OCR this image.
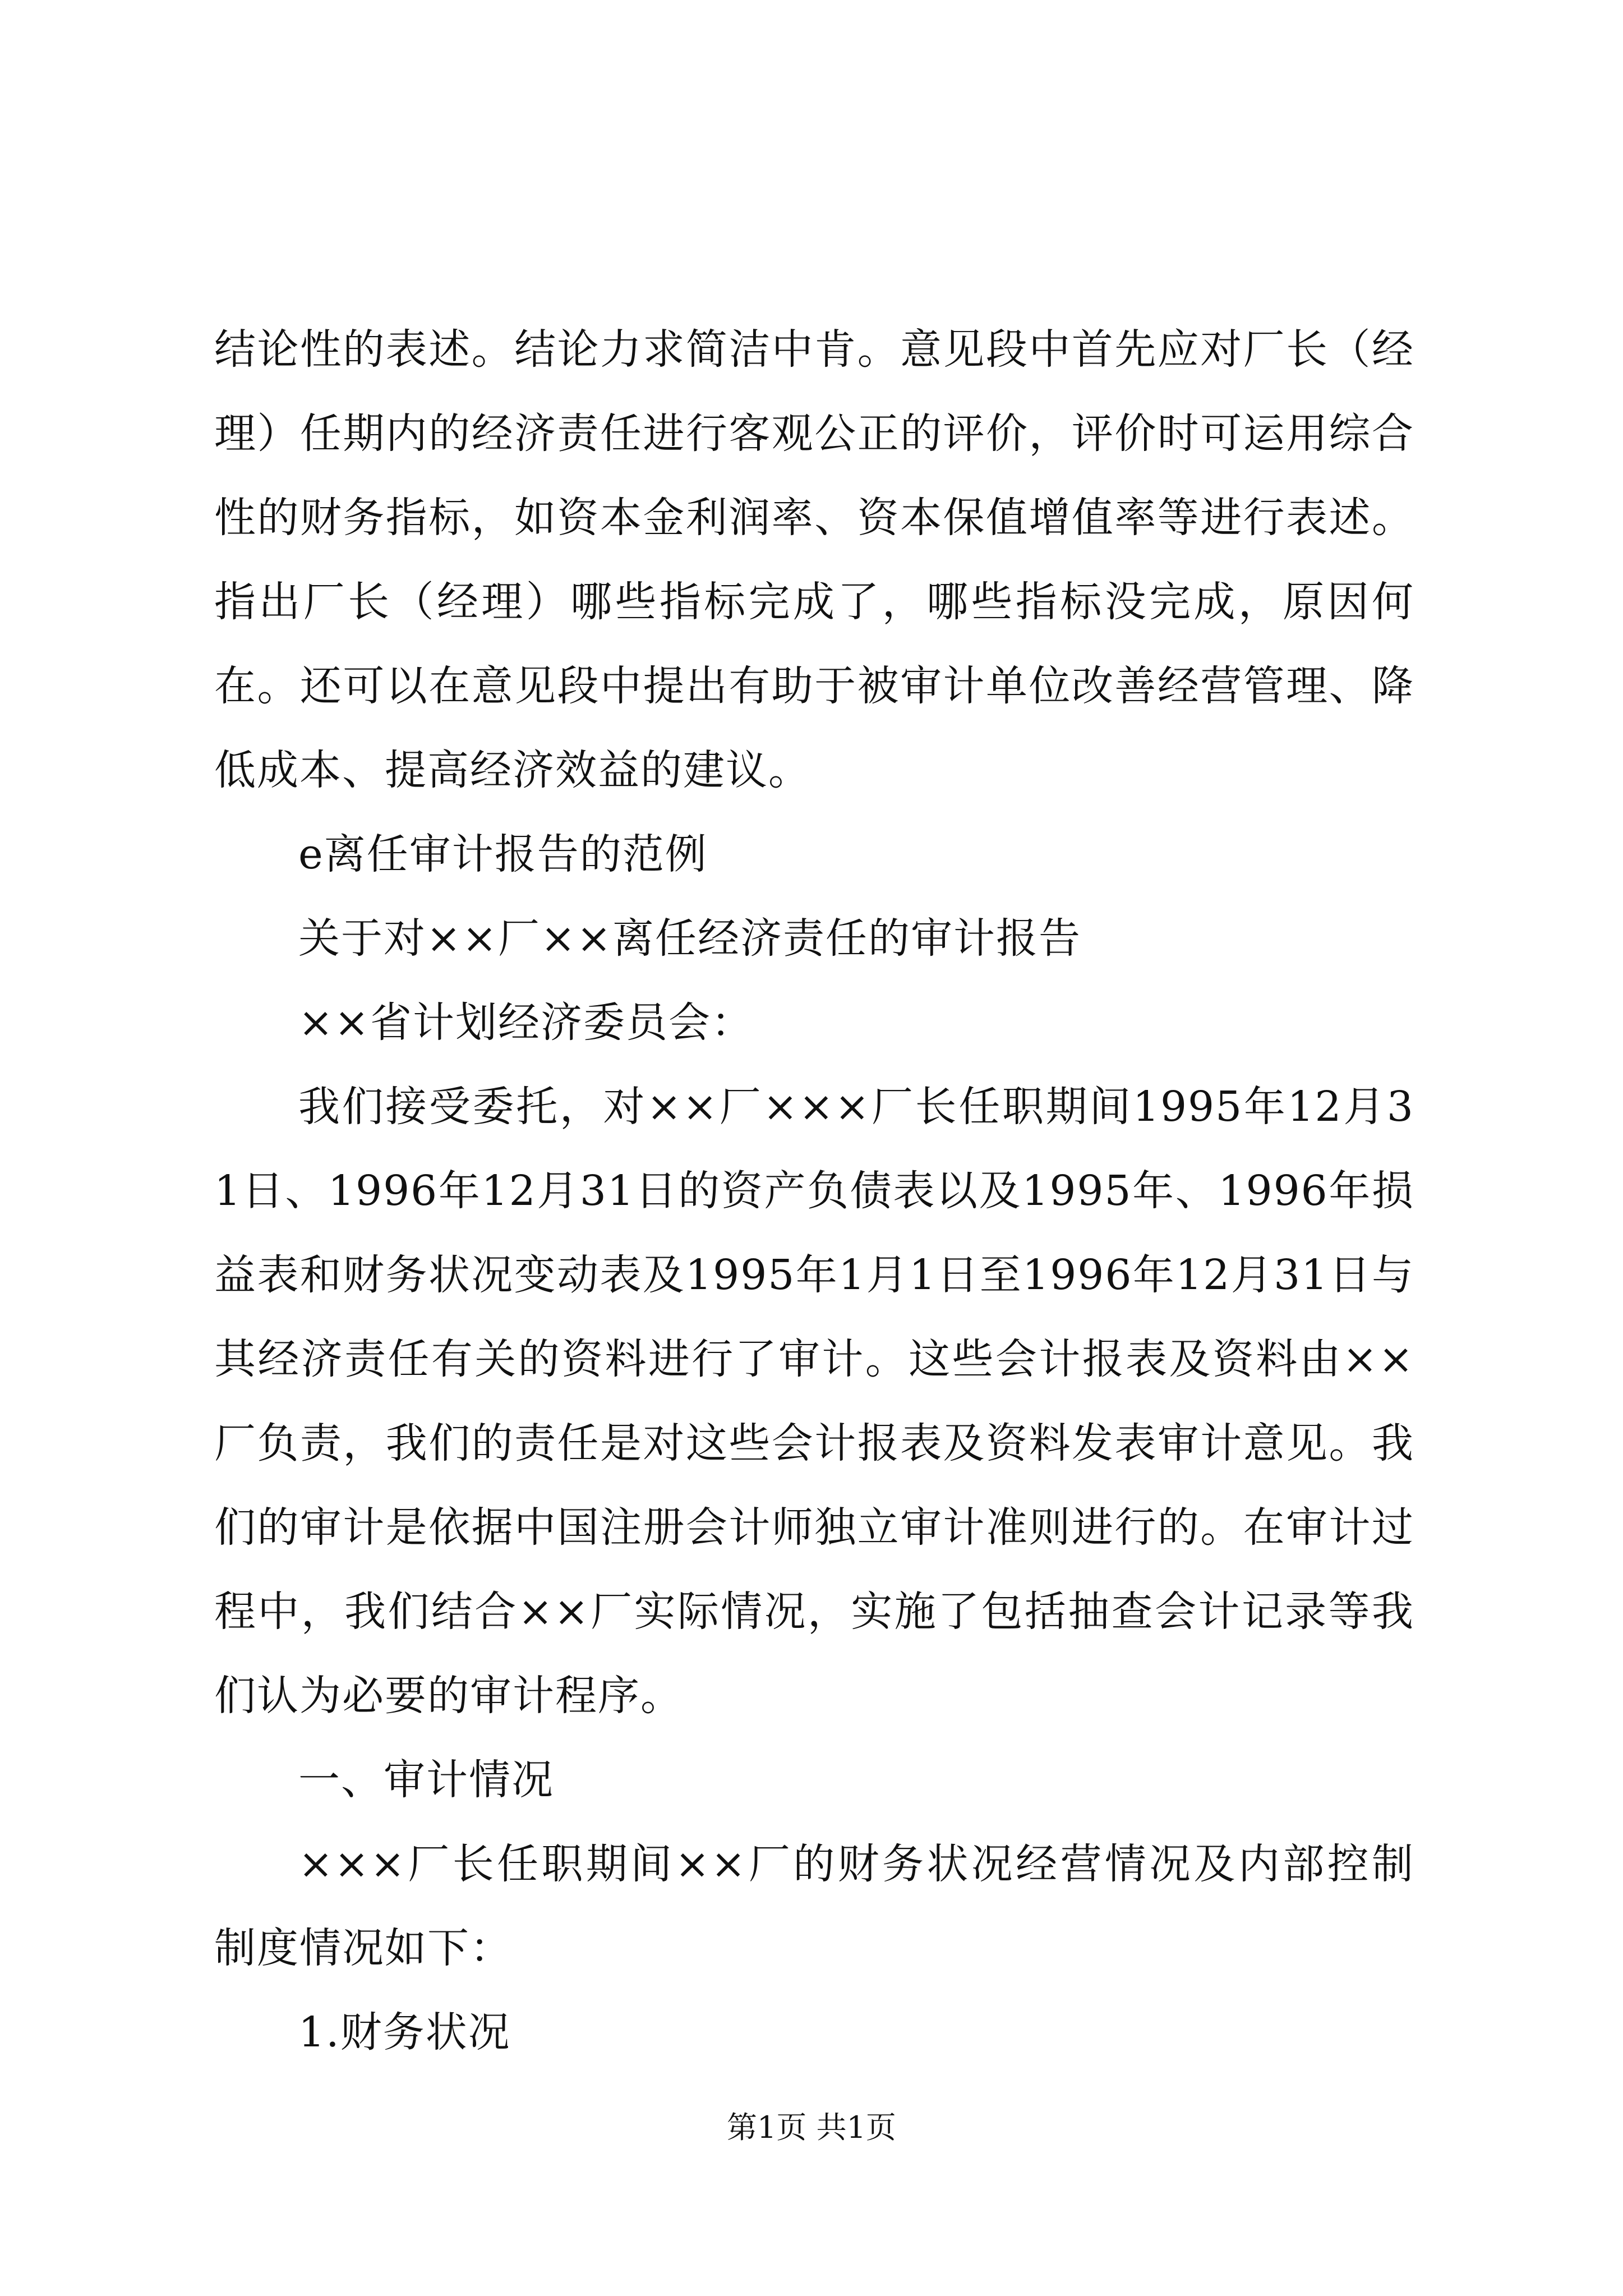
结论性的表述。结论力求简洁中肯。意见段中首先应对厂长（经理）任期内的经济责任进行客观公正的评价，评价时可运用综合性的财务指标，如资本金利润率、资本保值增值率等进行表述。指出厂长（经理）哪些指标完成了，哪些指标没完成，原因何在。还可以在意见段中提出有助于被审计单位改善经营管理、降低成本、提高经济效益的建议。

e离任审计报告的范例

关于对××厂××离任经济责任的审计报告

××省计划经济委员会：

我们接受委托，对××厂×××厂长任职期间1995年12月31日、1996年12月31日的资产负债表以及1995年、1996年损益表和财务状况变动表及1995年1月1日至1996年12月31日与其经济责任有关的资料进行了审计。这些会计报表及资料由××厂负责，我们的责任是对这些会计报表及资料发表审计意见。我们的审计是依据中国注册会计师独立审计准则进行的。在审计过程中，我们结合××厂实际情况，实施了包括抽查会计记录等我们认为必要的审计程序。

一、审计情况

×××厂长任职期间××厂的财务状况经营情况及内部控制制度情况如下：

1.财务状况

第1页 共1页
